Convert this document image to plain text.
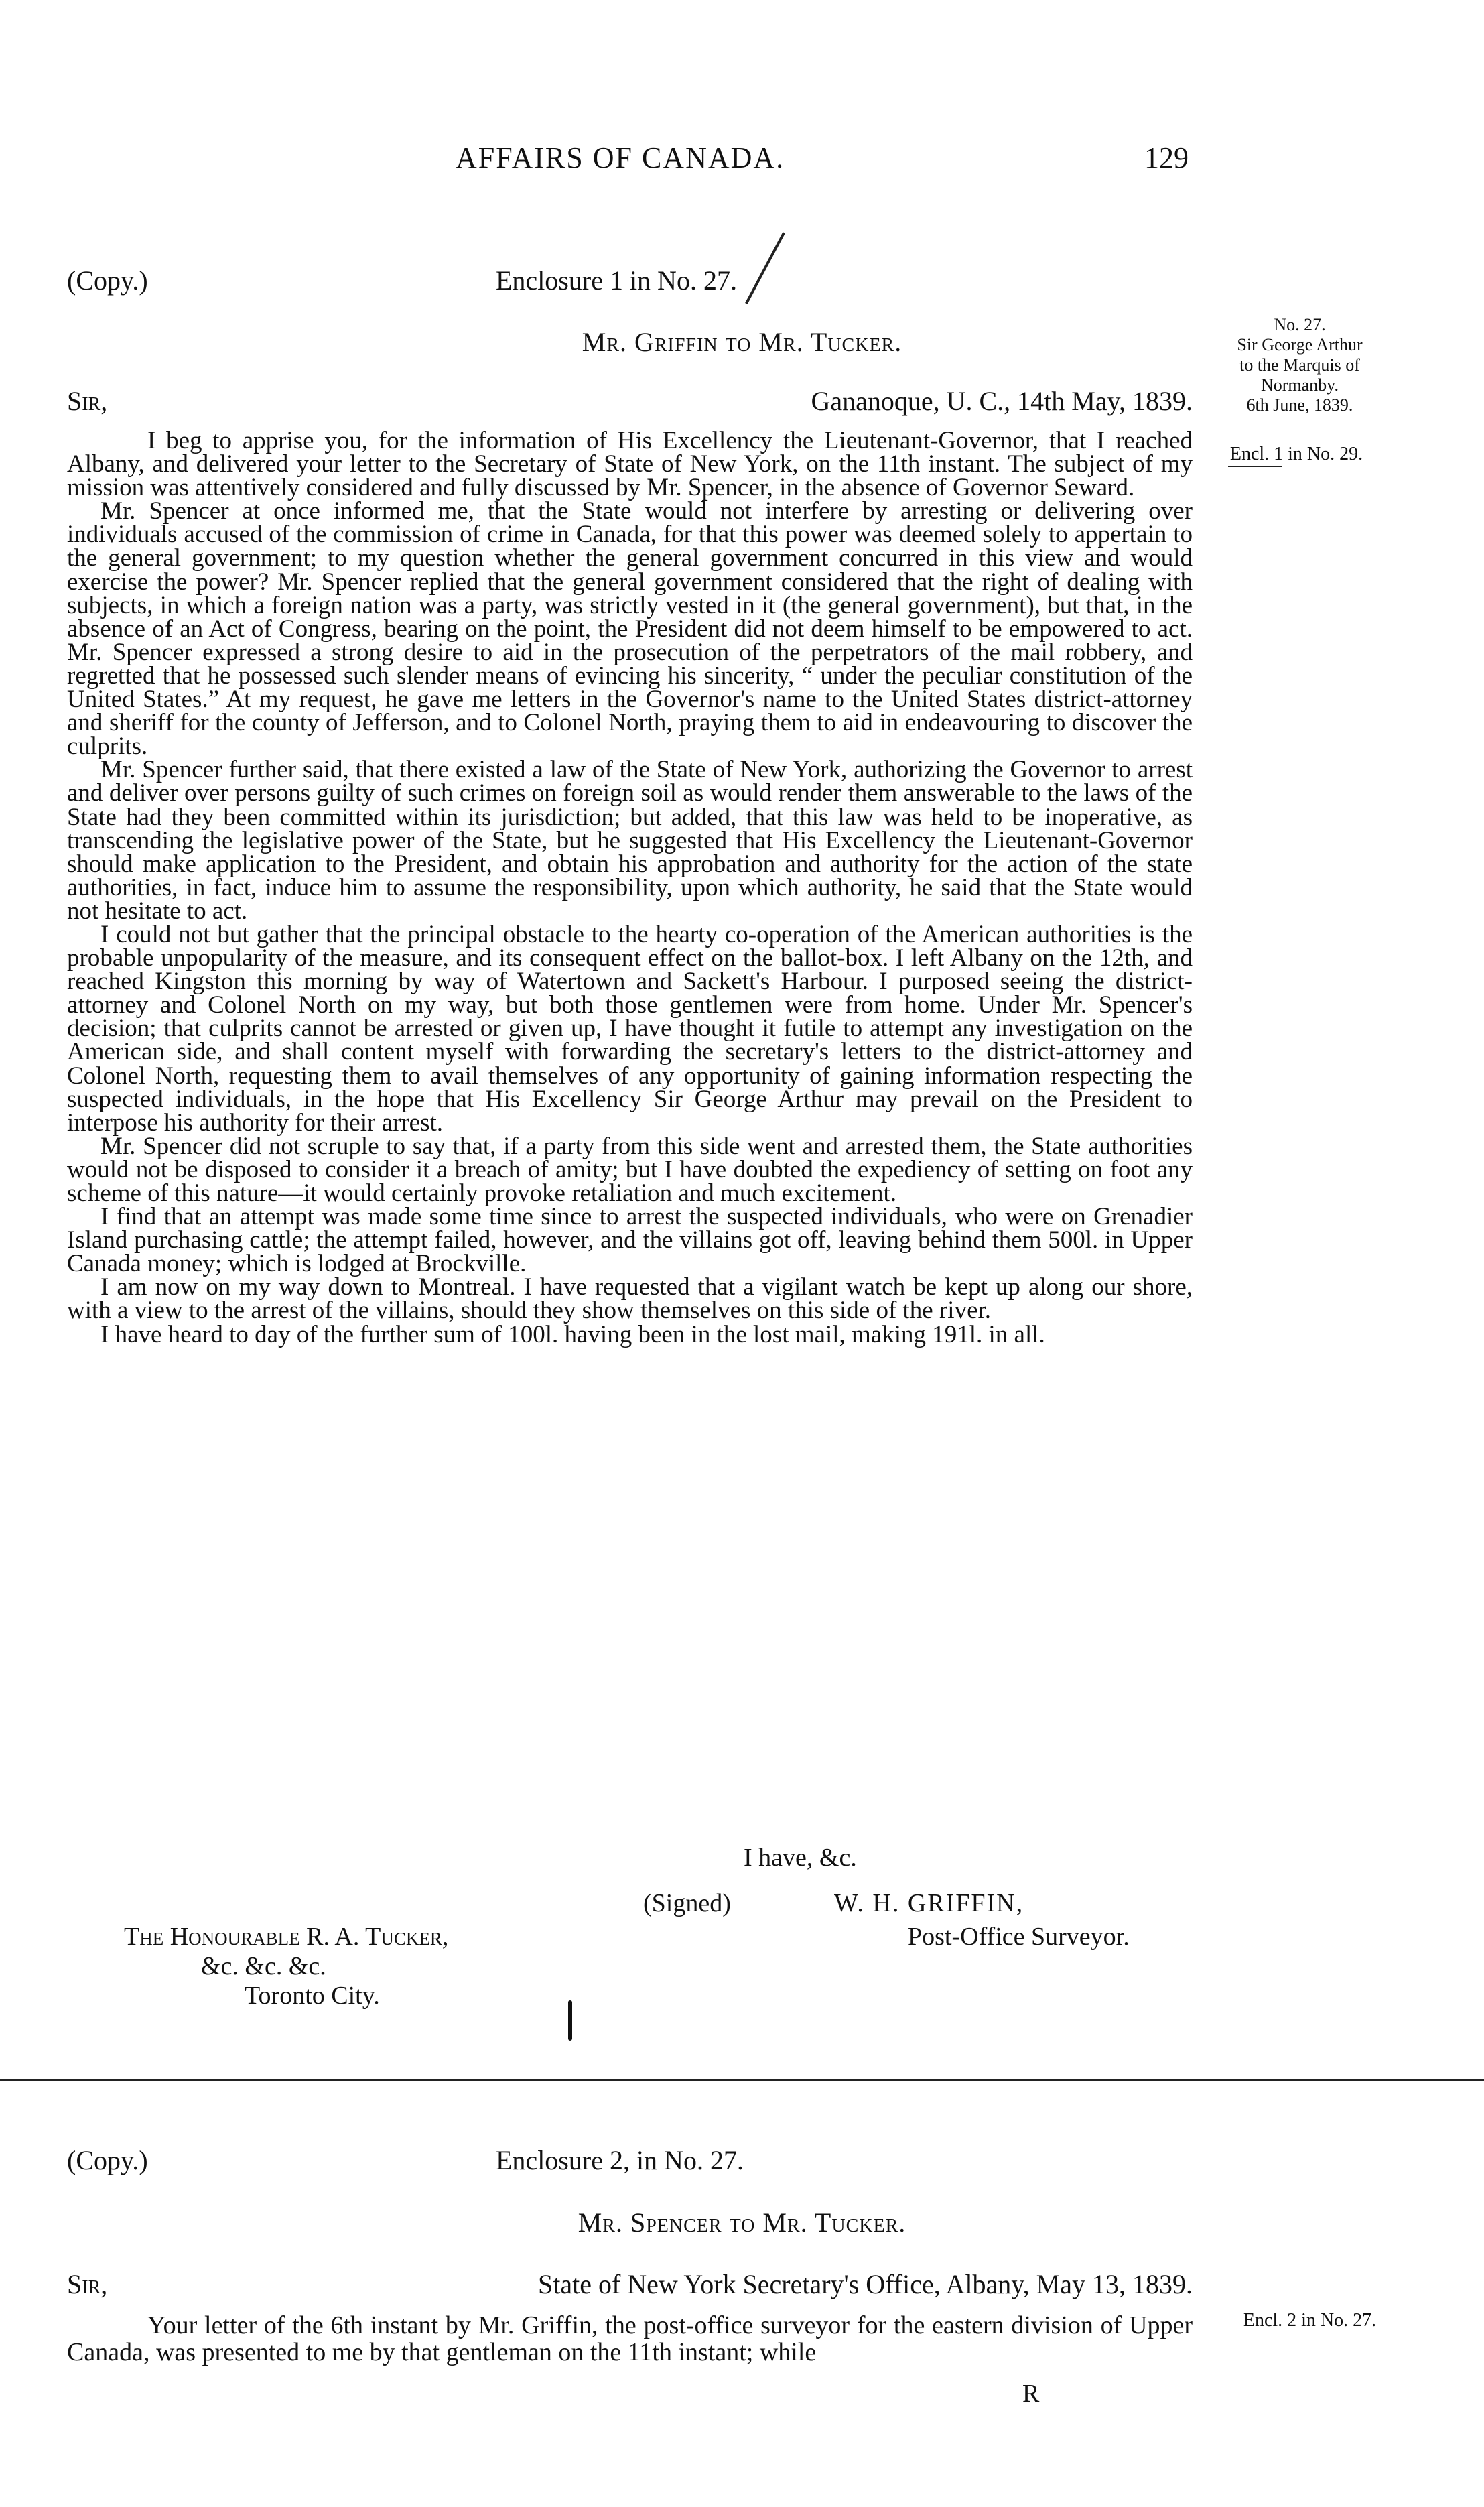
AFFAIRS OF CANADA.	129
(Copy.)	Enclosure 1 in No. 27.
Mr. Griffin to Mr. Tucker.
Sir,	Gananoque, U. C., 14th May, 1839.
No. 27.
Sir George Arthur
to the Marquis of
Normanby.
6th June, 1839.
Encl. 1 in No. 29.

I beg to apprise you, for the information of His Excellency the Lieutenant-Governor, that I reached Albany, and delivered your letter to the Secretary of State of New York, on the 11th instant. The subject of my mission was attentively considered and fully discussed by Mr. Spencer, in the absence of Governor Seward.

Mr. Spencer at once informed me, that the State would not interfere by arresting or delivering over individuals accused of the commission of crime in Canada, for that this power was deemed solely to appertain to the general government; to my question whether the general government concurred in this view and would exercise the power? Mr. Spencer replied that the general government considered that the right of dealing with subjects, in which a foreign nation was a party, was strictly vested in it (the general government), but that, in the absence of an Act of Congress, bearing on the point, the President did not deem himself to be empowered to act. Mr. Spencer expressed a strong desire to aid in the prosecution of the perpetrators of the mail robbery, and regretted that he possessed such slender means of evincing his sincerity, “ under the peculiar constitution of the United States.” At my request, he gave me letters in the Governor's name to the United States district-attorney and sheriff for the county of Jefferson, and to Colonel North, praying them to aid in endeavouring to discover the culprits.

Mr. Spencer further said, that there existed a law of the State of New York, authorizing the Governor to arrest and deliver over persons guilty of such crimes on foreign soil as would render them answerable to the laws of the State had they been committed within its jurisdiction; but added, that this law was held to be inoperative, as transcending the legislative power of the State, but he suggested that His Excellency the Lieutenant-Governor should make application to the President, and obtain his approbation and authority for the action of the state authorities, in fact, induce him to assume the responsibility, upon which authority, he said that the State would not hesitate to act.

I could not but gather that the principal obstacle to the hearty co-operation of the American authorities is the probable unpopularity of the measure, and its consequent effect on the ballot-box. I left Albany on the 12th, and reached Kingston this morning by way of Watertown and Sackett's Harbour. I purposed seeing the district-attorney and Colonel North on my way, but both those gentlemen were from home. Under Mr. Spencer's decision; that culprits cannot be arrested or given up, I have thought it futile to attempt any investigation on the American side, and shall content myself with forwarding the secretary's letters to the district-attorney and Colonel North, requesting them to avail themselves of any opportunity of gaining information respecting the suspected individuals, in the hope that His Excellency Sir George Arthur may prevail on the President to interpose his authority for their arrest.

Mr. Spencer did not scruple to say that, if a party from this side went and arrested them, the State authorities would not be disposed to consider it a breach of amity; but I have doubted the expediency of setting on foot any scheme of this nature—it would certainly provoke retaliation and much excitement.

I find that an attempt was made some time since to arrest the suspected individuals, who were on Grenadier Island purchasing cattle; the attempt failed, however, and the villains got off, leaving behind them 500l. in Upper Canada money; which is lodged at Brockville.

I am now on my way down to Montreal. I have requested that a vigilant watch be kept up along our shore, with a view to the arrest of the villains, should they show themselves on this side of the river.

I have heard to day of the further sum of 100l. having been in the lost mail, making 191l. in all.

I have, &c.
(Signed)	W. H. GRIFFIN,
Post-Office Surveyor.
The Honourable R. A. Tucker,
&c. &c. &c.
Toronto City.
(Copy.)	Enclosure 2, in No. 27.
Mr. Spencer to Mr. Tucker.
Sir,	State of New York Secretary's Office, Albany, May 13, 1839.
Encl. 2 in No. 27.

Your letter of the 6th instant by Mr. Griffin, the post-office surveyor for the eastern division of Upper Canada, was presented to me by that gentleman on the 11th instant; while

R
